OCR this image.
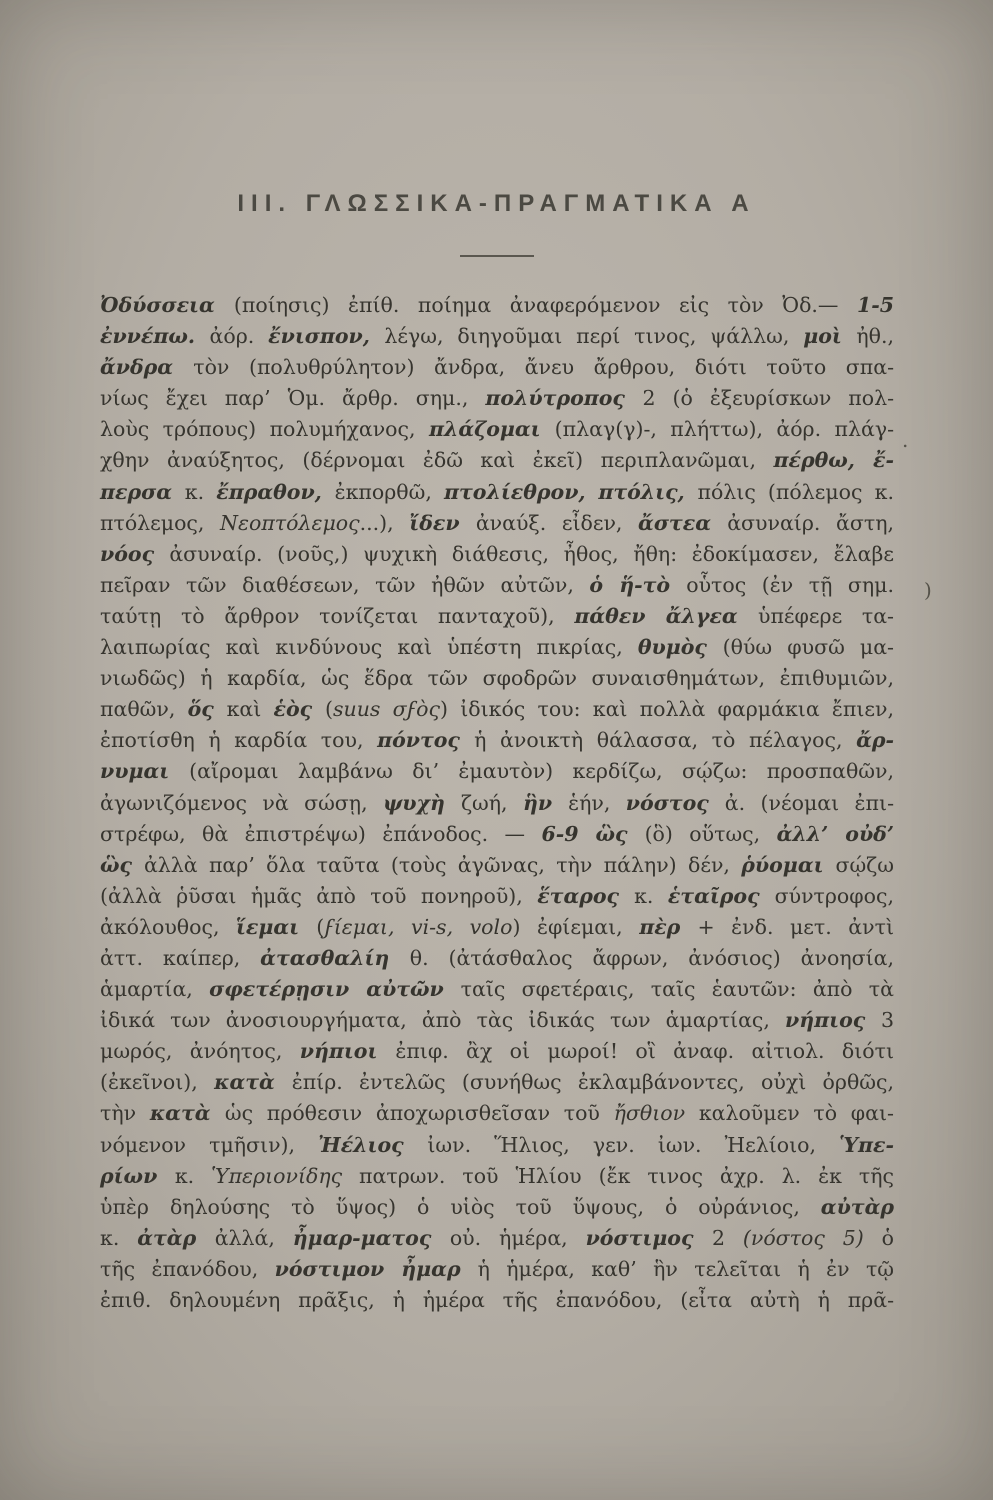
III. ΓΛΩΣΣΙΚΑ-ΠΡΑΓΜΑΤΙΚΑ Α
Ὀδύσσεια (ποίησις) ἐπίθ. ποίημα ἀναφερόμενον εἰς τὸν Ὀδ.— 1-5
ἐννέπω. ἀόρ. ἔνισπον, λέγω, διηγοῦμαι περί τινος, ψάλλω, μοὶ ἠθ.,
ἄνδρα τὸν (πολυθρύλητον) ἄνδρα, ἄνευ ἄρθρου, διότι τοῦτο σπα-
νίως ἔχει παρ’ Ὁμ. ἄρθρ. σημ., πολύτροπος 2 (ὁ ἐξευρίσκων πολ-
λοὺς τρόπους) πολυμήχανος, πλάζομαι (πλαγ(γ)-, πλήττω), ἀόρ. πλάγ-
χθην ἀναύξητος, (δέρνομαι ἐδῶ καὶ ἐκεῖ) περιπλανῶμαι, πέρθω, ἔ-
περσα κ. ἔπραθον, ἐκπορθῶ, πτολίεθρον, πτόλις, πόλις (πόλεμος κ.
πτόλεμος, Νεοπτόλεμος...), ἴδεν ἀναύξ. εἶδεν, ἄστεα ἀσυναίρ. ἄστη,
νόος ἀσυναίρ. (νοῦς,) ψυχικὴ διάθεσις, ἦθος, ἤθη: ἐδοκίμασεν, ἔλαβε
πεῖραν τῶν διαθέσεων, τῶν ἠθῶν αὐτῶν, ὁ ἥ-τὸ οὗτος (ἐν τῇ σημ.
ταύτῃ τὸ ἄρθρον τονίζεται πανταχοῦ), πάθεν ἄλγεα ὑπέφερε τα-
λαιπωρίας καὶ κινδύνους καὶ ὑπέστη πικρίας, θυμὸς (θύω φυσῶ μα-
νιωδῶς) ἡ καρδία, ὡς ἕδρα τῶν σφοδρῶν συναισθημάτων, ἐπιθυμιῶν,
παθῶν, ὅς καὶ ἑὸς (suus σϝὸς) ἰδικός του: καὶ πολλὰ φαρμάκια ἔπιεν,
ἐποτίσθη ἡ καρδία του, πόντος ἡ ἀνοικτὴ θάλασσα, τὸ πέλαγος, ἄρ-
νυμαι (αἴρομαι λαμβάνω δι’ ἐμαυτὸν) κερδίζω, σῴζω: προσπαθῶν,
ἀγωνιζόμενος νὰ σώσῃ, ψυχὴ ζωή, ἣν ἑήν, νόστος ἀ. (νέομαι ἐπι-
στρέφω, θὰ ἐπιστρέψω) ἐπάνοδος. — 6-9 ὣς (ὃ) οὕτως, ἀλλ’ οὐδ’
ὣς ἀλλὰ παρ’ ὅλα ταῦτα (τοὺς ἀγῶνας, τὴν πάλην) δέν, ῥύομαι σῴζω
(ἀλλὰ ῥῦσαι ἡμᾶς ἀπὸ τοῦ πονηροῦ), ἕταρος κ. ἑταῖρος σύντροφος,
ἀκόλουθος, ἵεμαι (ϝίεμαι, vi-s, volo) ἐφίεμαι, πὲρ + ἐνδ. μετ. ἀντὶ
ἀττ. καίπερ, ἀτασθαλίη θ. (ἀτάσθαλος ἄφρων, ἀνόσιος) ἀνοησία,
ἁμαρτία, σφετέρῃσιν αὐτῶν ταῖς σφετέραις, ταῖς ἑαυτῶν: ἀπὸ τὰ
ἰδικά των ἀνοσιουργήματα, ἀπὸ τὰς ἰδικάς των ἁμαρτίας, νήπιος 3
μωρός, ἀνόητος, νήπιοι ἐπιφ. ἂχ οἱ μωροί! οἳ ἀναφ. αἰτιολ. διότι
(ἐκεῖνοι), κατὰ ἐπίρ. ἐντελῶς (συνήθως ἐκλαμβάνοντες, οὐχὶ ὀρθῶς,
τὴν κατὰ ὡς πρόθεσιν ἀποχωρισθεῖσαν τοῦ ἤσθιον καλοῦμεν τὸ φαι-
νόμενον τμῆσιν), Ἠέλιος ἰων. Ἥλιος, γεν. ἰων. Ἠελίοιο, Ὑπε-
ρίων κ. Ὑπεριονίδης πατρων. τοῦ Ἡλίου (ἔκ τινος ἀχρ. λ. ἐκ τῆς
ὑπὲρ δηλούσης τὸ ὕψος) ὁ υἱὸς τοῦ ὕψους, ὁ οὐράνιος, αὐτὰρ
κ. ἀτὰρ ἀλλά, ἦμαρ-ματος οὐ. ἡμέρα, νόστιμος 2 (νόστος 5) ὁ
τῆς ἐπανόδου, νόστιμον ἦμαρ ἡ ἡμέρα, καθ’ ἣν τελεῖται ἡ ἐν τῷ
ἐπιθ. δηλουμένη πρᾶξις, ἡ ἡμέρα τῆς ἐπανόδου, (εἶτα αὐτὴ ἡ πρᾶ-
.
)
